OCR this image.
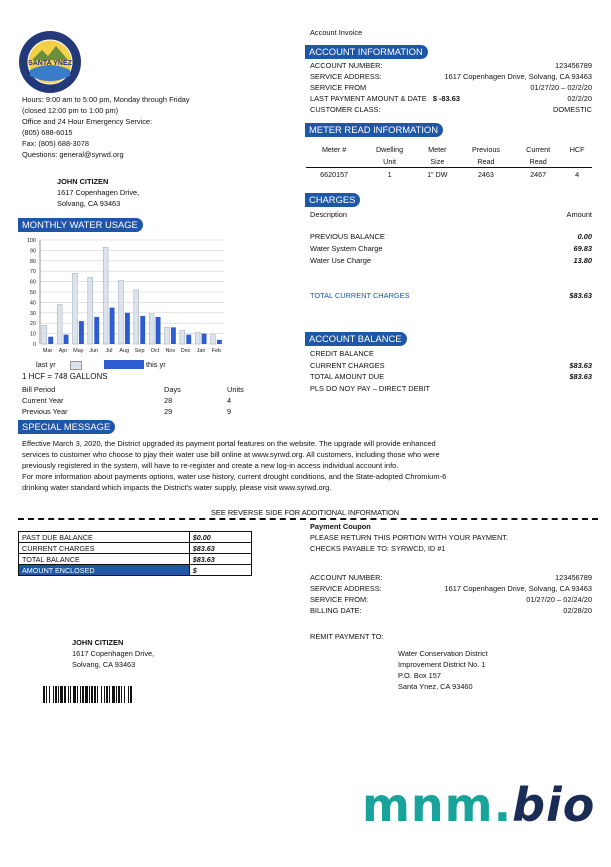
SANTA YNEZ
Hours: 9:00 am to 5:00 pm, Monday through Friday
(closed 12:00 pm to 1:00 pm)
Office and 24 Hour Emergency Service:
(805) 688-6015
Fax: (805) 688-3078
Questions: general@syrwd.org
JOHN CITIZEN
1617 Copenhagen Drive,
Solvang, CA 93463
Account Invoice
ACCOUNT INFORMATION
ACCOUNT NUMBER:	123456789
SERVICE ADDRESS:	1617 Copenhagen Drive, Solvang, CA 93463
SERVICE FROM	01/27/20 – 02/2/20
LAST PAYMENT AMOUNT & DATE $ -83.63	02/2/20
CUSTOMER CLASS:	DOMESTIC
METER READ INFORMATION
Meter #	Dwelling	Meter	Previous	Current	HCF
	Unit	Size	Read	Read	
6620157	1	1” DW	2463	2467	4
CHARGES
Description	Amount
PREVIOUS BALANCE	0.00
Water System Charge	69.83
Water Use Charge	13.80
TOTAL CURRENT CHARGES	$83.63
ACCOUNT BALANCE
CREDIT BALANCE
CURRENT CHARGES	$83.63
TOTAL AMOUNT DUE	$83.63
PLS DO NOY PAY – DIRECT DEBIT
MONTHLY WATER USAGE
0
10
20
30
40
50
60
70
80
90
100
Mar Apr May Jun Jul Aug Sep Oct Nov Dec Jan Feb
last yr	this yr
1 HCF = 748 GALLONS
Bill Period	Days	Units
Current Year	28	4
Previous Year	29	9
SPECIAL MESSAGE
Effective March 3, 2020, the District upgraded its payment portal features on the website. The upgrade will provide enhanced
services to customer who choose to pjay their water use bill online at www.syrwd.org. All customers, including those who were
previously registered in the system, will have to re-register and create a new log-in access individual account info.
For more information about payments options, water use history, current drought conditions, and the State-adopted Chromium-6
drinking water standard which impacts the District’s water supply, please visit www.syrwd.org.
SEE REVERSE SIDE FOR ADDITIONAL INFORMATION
PAST DUE BALANCE	$0.00
CURRENT CHARGES	$83.63
TOTAL BALANCE	$83.63
AMOUNT ENCLOSED	$
Payment Coupon
PLEASE RETURN THIS PORTION WITH YOUR PAYMENT.
CHECKS PAYABLE TO: SYRWCD, ID #1
ACCOUNT NUMBER:	123456789
SERVICE ADDRESS:	1617 Copenhagen Drive, Solvang, CA 93463
SERVICE FROM:	01/27/20 – 02/24/20
BILLING DATE:	02/28/20
REMIT PAYMENT TO:
Water Conservation District
Improvement District No. 1
P.O. Box 157
Santa Ynez, CA 93460
JOHN CITIZEN
1617 Copenhagen Drive,
Solvang, CA 93463
mnm.bio
